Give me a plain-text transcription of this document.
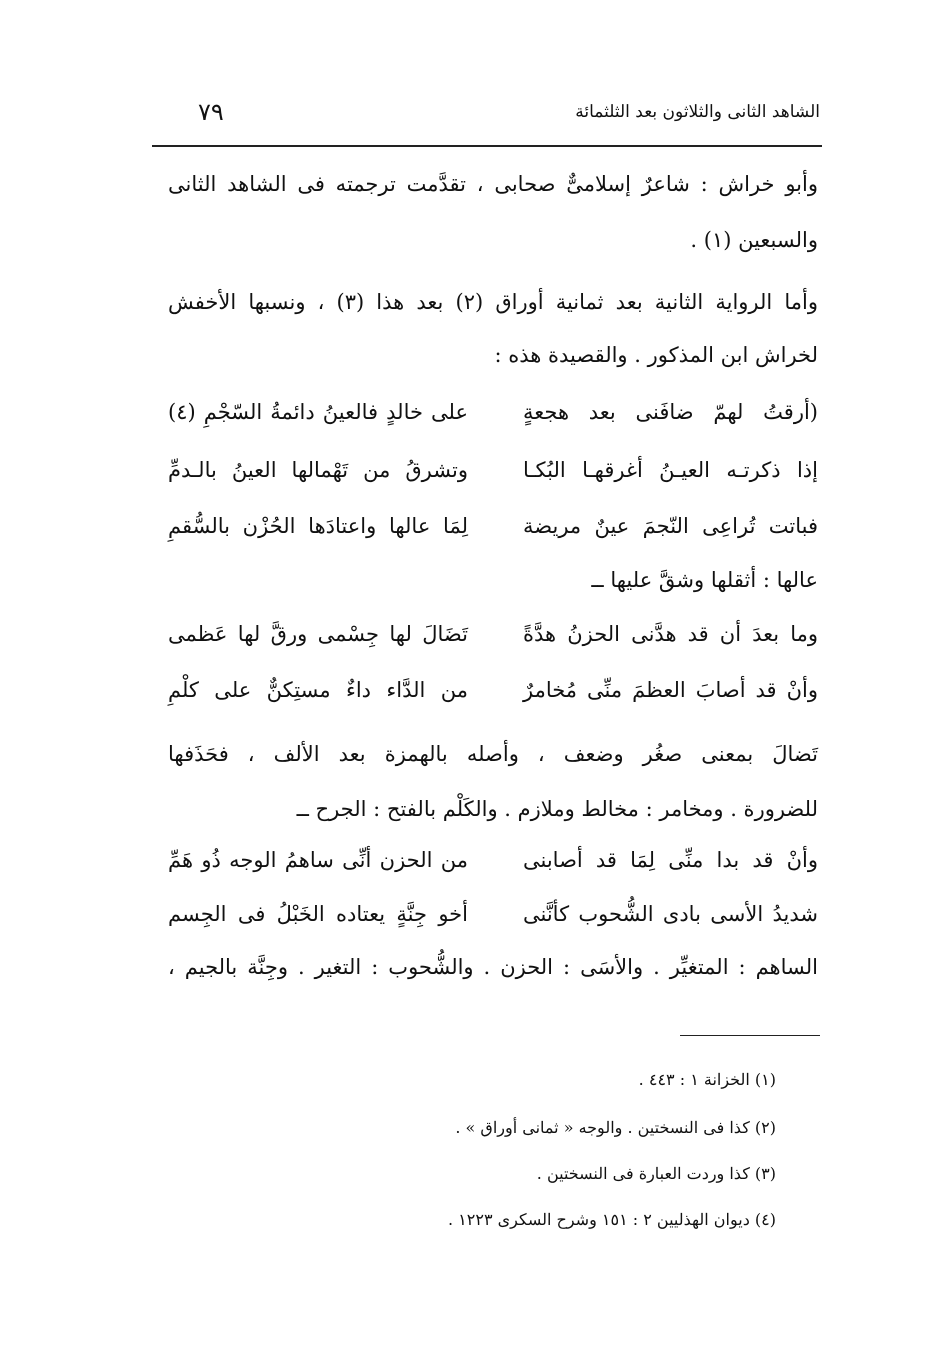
الشاهد الثانى والثلاثون بعد الثلثمائة
٧٩
وأبو خراش : شاعرٌ إسلامىٌّ صحابى ، تقدَّمت ترجمته فى الشاهد الثانى
والسبعين (١) .
وأما الرواية الثانية بعد ثمانية أوراق (٢) بعد هذا (٣) ، ونسبها الأخفش
لخراش ابن المذكور . والقصيدة هذه :
(أرقتُ لهمّ ضافَنى بعد هجعةٍ
على خالدٍ فالعينُ دائمةُ السّجْمِ (٤)
إذا ذكرتـه العيـنُ أغرقهـا البُكـا
وتشرقُ من تَهْمالها العينُ بالـدمِّ
فباتت تُراعِى النّجمَ عينٌ مريضة
لِمَا عالها واعتادَها الحُزْن بالسُّقمِ
عالها : أثقلها وشقَّ عليها ــ
وما بعدَ أن قد هدَّنى الحزنُ هدَّةً
تَضَالَ لها جِسْمى ورقَّ لها عَظمى
وأنْ قد أصابَ العظمَ منِّى مُخامرٌ
من الدَّاء داءٌ مستِكنٌّ على كلْمِ
تَضالَ بمعنى صغُر وضعف ، وأصله بالهمزة بعد الألف ، فحَذَفها
للضرورة . ومخامر : مخالط وملازم . والكَلْم بالفتح : الجرح ــ
وأنْ قد بدا منِّى لِمَا قد أصابنى
من الحزن أنِّى ساهمُ الوجه ذُو هَمِّ
شديدُ الأسى بادى الشُّحوب كأنَّنى
أخو جِنَّةٍ يعتاده الخَبْلُ فى الجِسم
الساهم : المتغيِّر . والأسَى : الحزن . والشُّحوب : التغير . وجِنَّة بالجيم ،
(١) الخزانة ١ : ٤٤٣ .
(٢) كذا فى النسختين . والوجه « ثمانى أوراق » .
(٣) كذا وردت العبارة فى النسختين .
(٤) ديوان الهذليين ٢ : ١٥١ وشرح السكرى ١٢٢٣ .
